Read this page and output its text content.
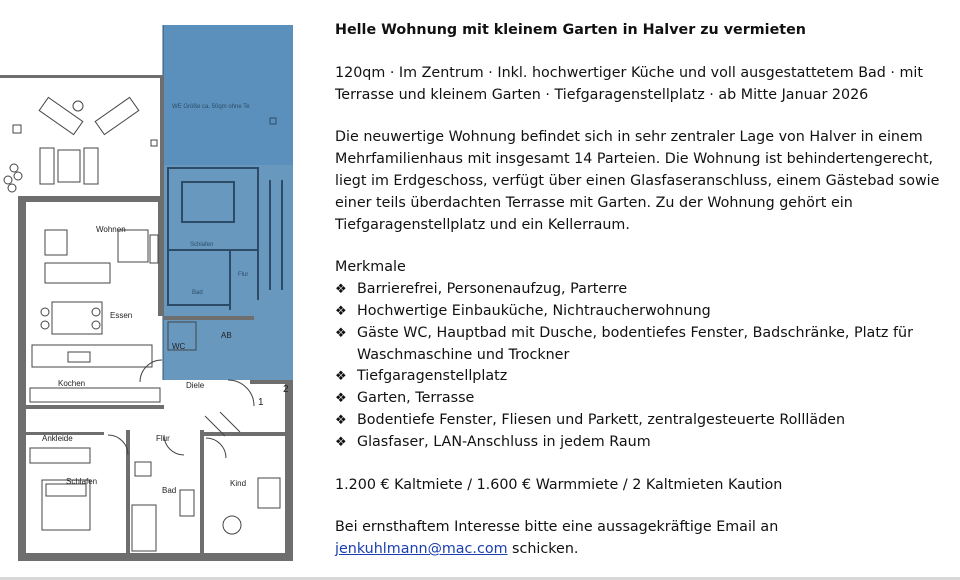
WE Größe ca. 50qm ohne Te
Schlafen
Bad
Flur
Wohnen
Essen
Kochen
WC
AB
Diele
Ankleide	Flur
Schlafen
Bad
Kind
1
2
Helle Wohnung mit kleinem Garten in Halver zu vermieten

120qm · Im Zentrum · Inkl. hochwertiger Küche und voll ausgestattetem Bad · mit Terrasse und kleinem Garten · Tiefgaragenstellplatz · ab Mitte Januar 2026

Die neuwertige Wohnung befindet sich in sehr zentraler Lage von Halver in einem Mehrfamilienhaus mit insgesamt 14 Parteien. Die Wohnung ist behindertengerecht, liegt im Erdgeschoss, verfügt über einen Glasfaseranschluss, einem Gästebad sowie einer teils überdachten Terrasse mit Garten. Zu der Wohnung gehört ein Tiefgaragenstellplatz und ein Kellerraum.

Merkmale
❖ Barrierefrei, Personenaufzug, Parterre
❖ Hochwertige Einbauküche, Nichtraucherwohnung
❖ Gäste WC, Hauptbad mit Dusche, bodentiefes Fenster, Badschränke, Platz für Waschmaschine und Trockner
❖ Tiefgaragenstellplatz
❖ Garten, Terrasse
❖ Bodentiefe Fenster, Fliesen und Parkett, zentralgesteuerte Rollläden
❖ Glasfaser, LAN-Anschluss in jedem Raum

1.200 € Kaltmiete / 1.600 € Warmmiete / 2 Kaltmieten Kaution

Bei ernsthaftem Interesse bitte eine aussagekräftige Email an
jenkuhlmann@mac.com schicken.
